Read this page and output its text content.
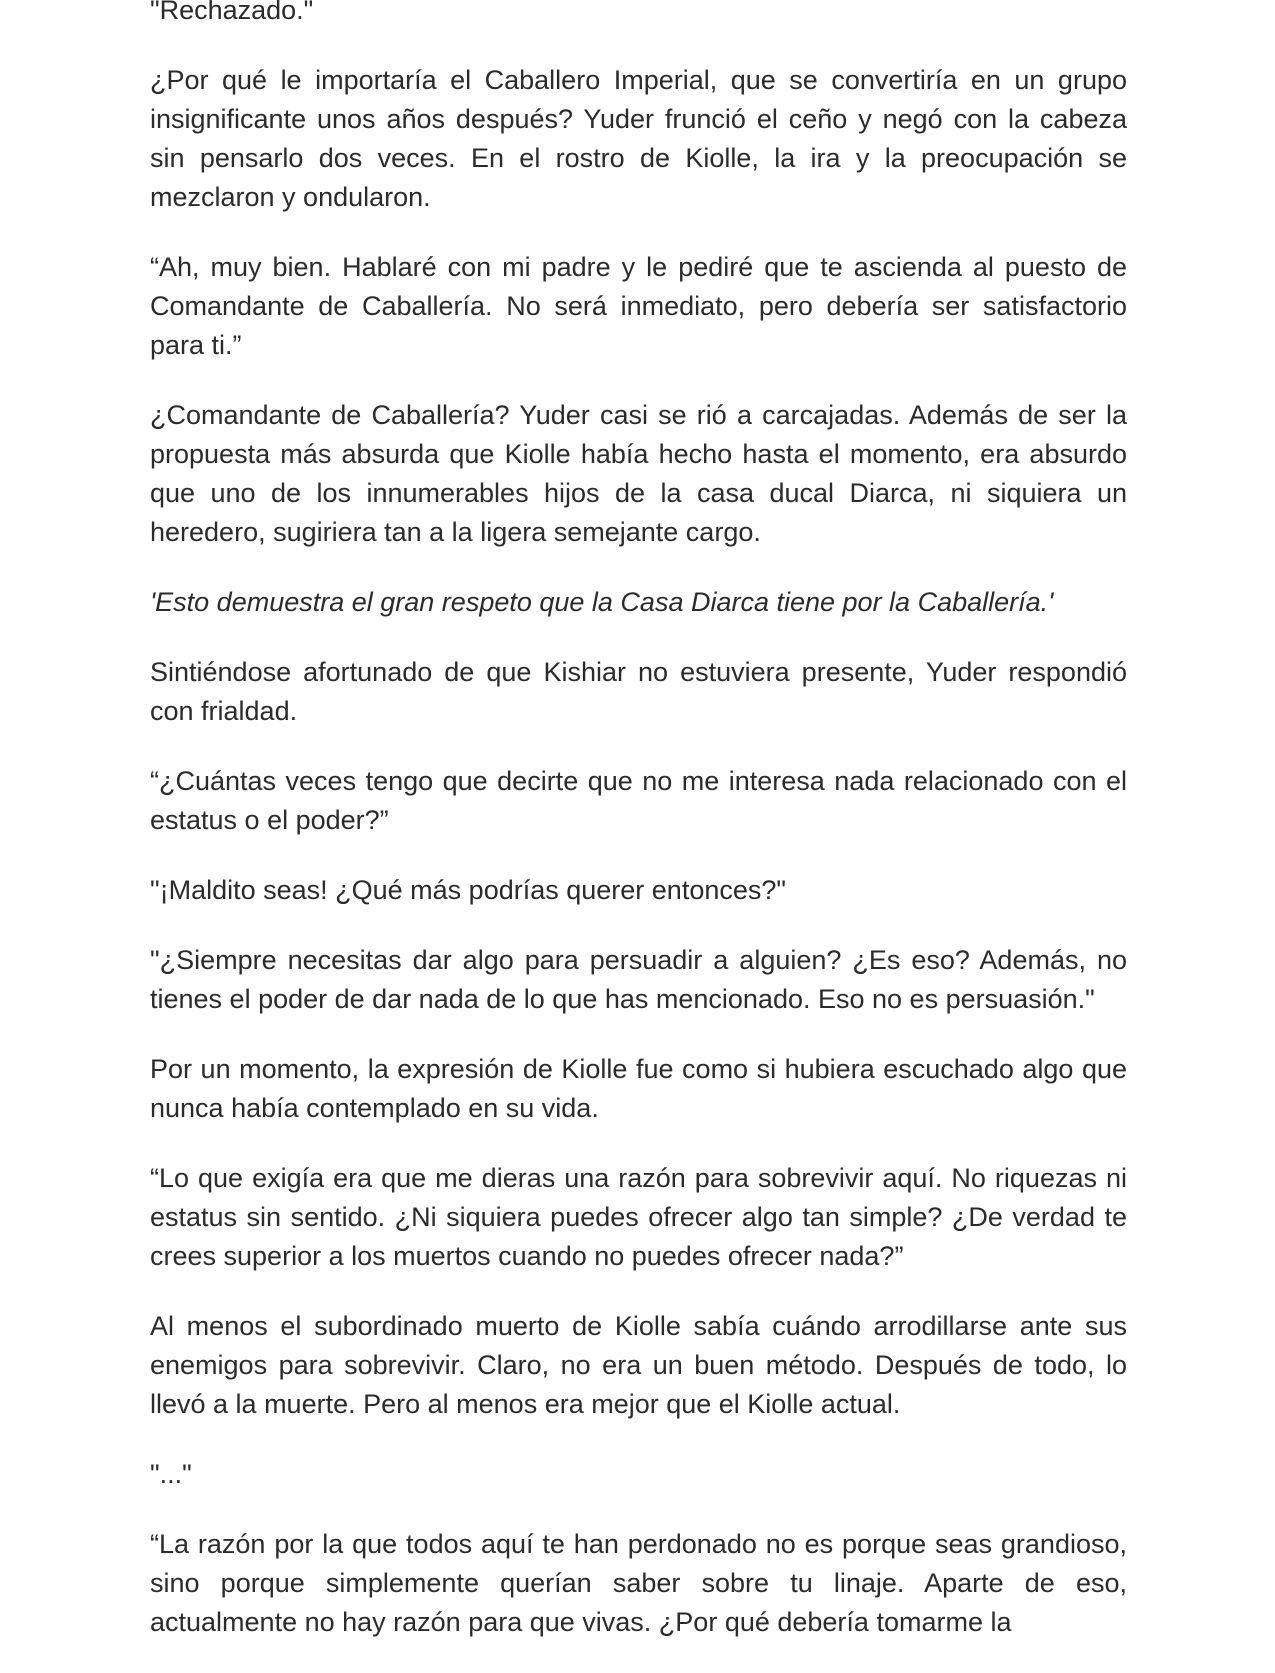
"Rechazado."

¿Por qué le importaría el Caballero Imperial, que se convertiría en un grupo insignificante unos años después? Yuder frunció el ceño y negó con la cabeza sin pensarlo dos veces. En el rostro de Kiolle, la ira y la preocupación se mezclaron y ondularon.

“Ah, muy bien. Hablaré con mi padre y le pediré que te ascienda al puesto de Comandante de Caballería. No será inmediato, pero debería ser satisfactorio para ti.”

¿Comandante de Caballería? Yuder casi se rió a carcajadas. Además de ser la propuesta más absurda que Kiolle había hecho hasta el momento, era absurdo que uno de los innumerables hijos de la casa ducal Diarca, ni siquiera un heredero, sugiriera tan a la ligera semejante cargo.

'Esto demuestra el gran respeto que la Casa Diarca tiene por la Caballería.'

Sintiéndose afortunado de que Kishiar no estuviera presente, Yuder respondió con frialdad.

“¿Cuántas veces tengo que decirte que no me interesa nada relacionado con el estatus o el poder?”

"¡Maldito seas! ¿Qué más podrías querer entonces?"

"¿Siempre necesitas dar algo para persuadir a alguien? ¿Es eso? Además, no tienes el poder de dar nada de lo que has mencionado. Eso no es persuasión."

Por un momento, la expresión de Kiolle fue como si hubiera escuchado algo que nunca había contemplado en su vida.

“Lo que exigía era que me dieras una razón para sobrevivir aquí. No riquezas ni estatus sin sentido. ¿Ni siquiera puedes ofrecer algo tan simple? ¿De verdad te crees superior a los muertos cuando no puedes ofrecer nada?”

Al menos el subordinado muerto de Kiolle sabía cuándo arrodillarse ante sus enemigos para sobrevivir. Claro, no era un buen método. Después de todo, lo llevó a la muerte. Pero al menos era mejor que el Kiolle actual.

"..."

“La razón por la que todos aquí te han perdonado no es porque seas grandioso, sino porque simplemente querían saber sobre tu linaje. Aparte de eso, actualmente no hay razón para que vivas. ¿Por qué debería tomarme la
